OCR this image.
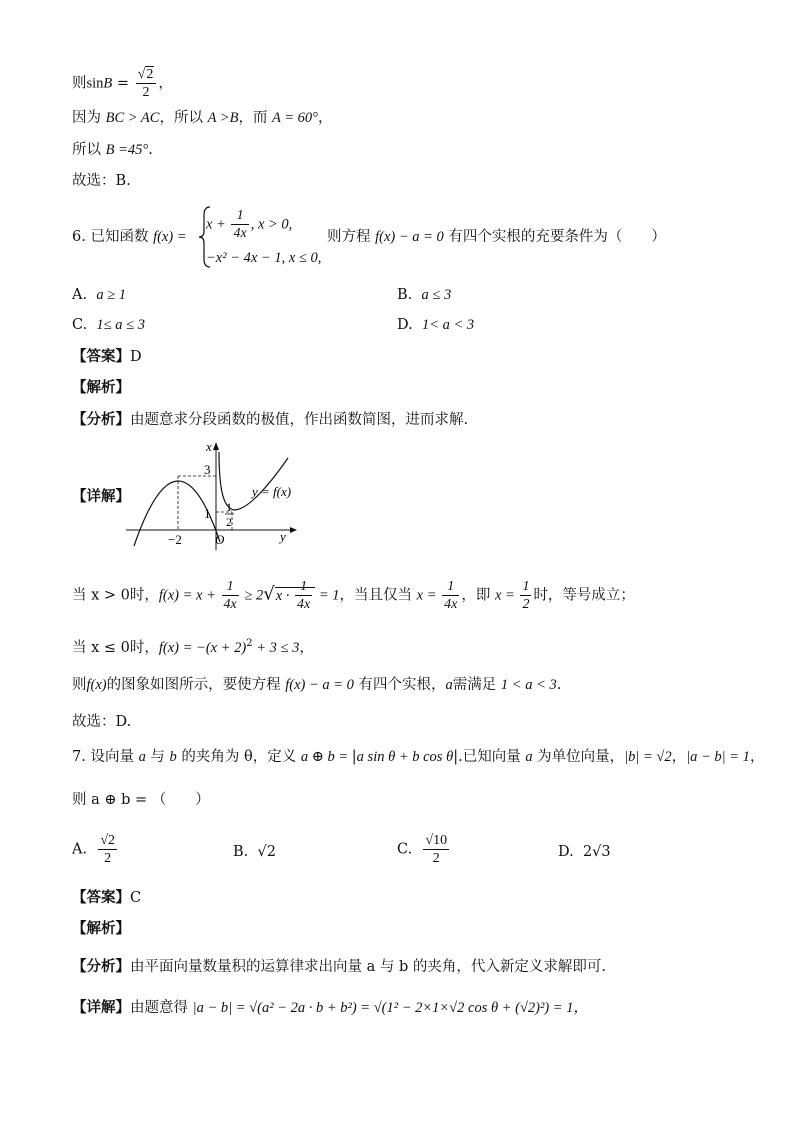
则$\sin B = \frac{√2}{2}$ ，
因为 BC > AC，所以 A >B，而 A = 60°，
所以 B =45°.
故选：B.
6. 已知函数 f(x) =
$x + \frac{1}{4x}$ , x > 0,
−x² − 4x − 1, x ≤ 0,
则方程 f(x) − a = 0 有四个实根的充要条件为（　　）
A. a ≥ 1	B. a ≤ 3
C. 1≤ a ≤ 3	D. 1< a < 3
【答案】D
【解析】
【分析】由题意求分段函数的极值，作出函数简图，进而求解.
【详解】
x
y
3
1 1
2
−2	O
y = f(x)
当 x > 0时，$f(x) = x + \frac{1}{4x} \ge 2√x \cdot \frac{1}{4x} = 1$，当且仅当 $x = \frac{1}{4x}$ ，即 $x = \frac{1}{2}$ 时，等号成立；
当 x ≤ 0时，$f(x) = -(x + 2)^2 + 3 \le 3$，
则f(x)的图象如图所示，要使方程 f(x) − a = 0 有四个实根，a需满足 1 < a < 3.
故选：D.
7. 设向量 a 与 b 的夹角为 θ，定义 a ⊕ b = |a sin θ + b cos θ|.已知向量 a 为单位向量，|b| = √2，|a − b| = 1，
则 a ⊕ b = （　　）
A. $\frac{√2}{2}$	B. √2	C. $\frac{√10}{2}$	D. 2√3
【答案】C
【解析】
【分析】由平面向量数量积的运算律求出向量 a 与 b 的夹角，代入新定义求解即可.
【详解】由题意得 |a − b| = √(a² − 2a · b + b²) = √(1² − 2×1×√2 cos θ + (√2)²) = 1，
